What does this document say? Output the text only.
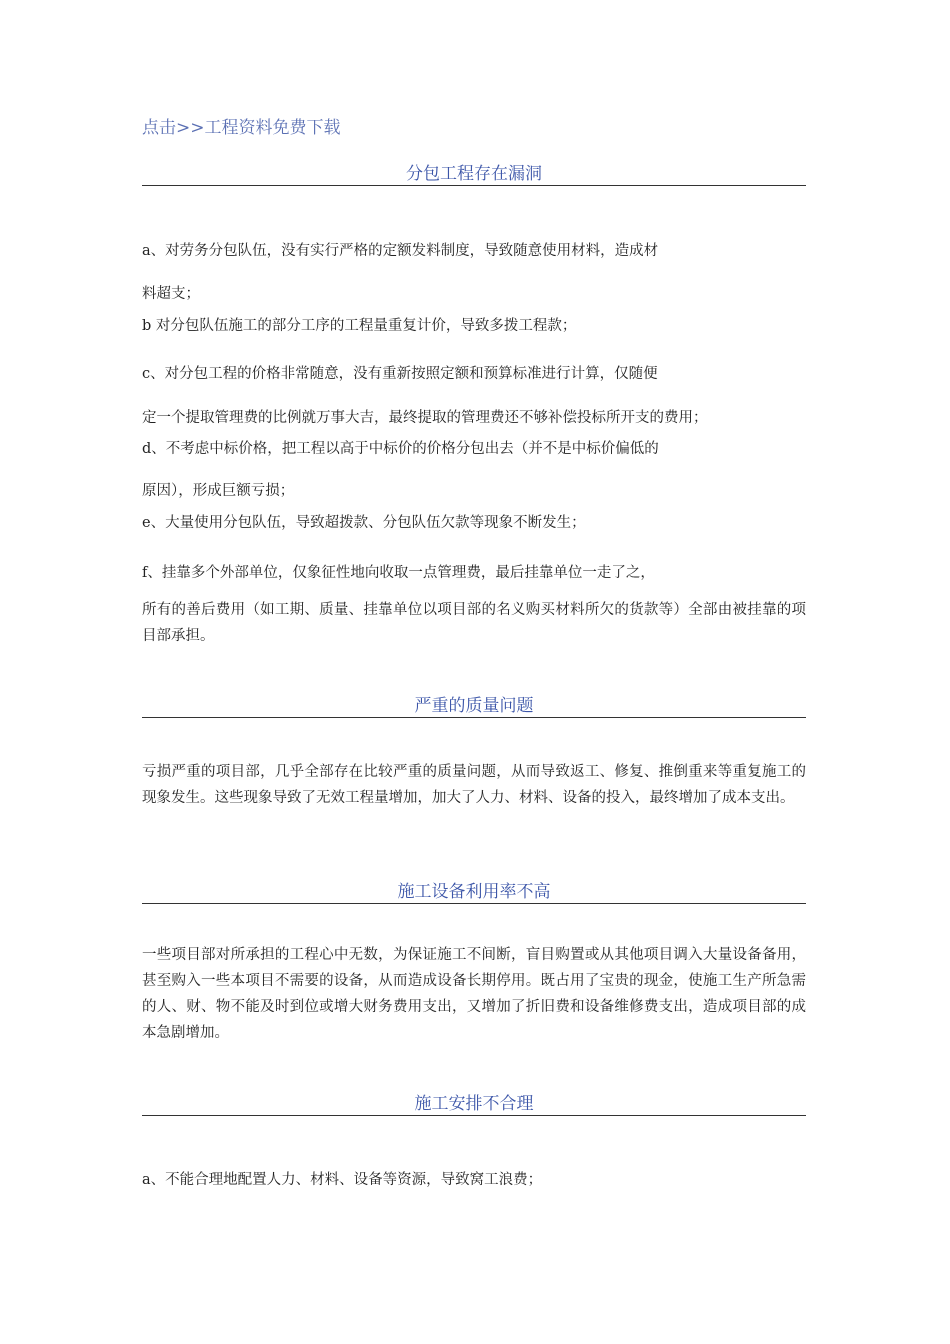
点击>>工程资料免费下载
分包工程存在漏洞
a、对劳务分包队伍，没有实行严格的定额发料制度，导致随意使用材料，造成材
料超支；
b 对分包队伍施工的部分工序的工程量重复计价，导致多拨工程款；
c、对分包工程的价格非常随意，没有重新按照定额和预算标准进行计算，仅随便
定一个提取管理费的比例就万事大吉，最终提取的管理费还不够补偿投标所开支的费用；
d、不考虑中标价格，把工程以高于中标价的价格分包出去（并不是中标价偏低的
原因），形成巨额亏损；
e、大量使用分包队伍，导致超拨款、分包队伍欠款等现象不断发生；
f、挂靠多个外部单位，仅象征性地向收取一点管理费，最后挂靠单位一走了之，
所有的善后费用（如工期、质量、挂靠单位以项目部的名义购买材料所欠的货款等）全部由被挂靠的项目部承担。
严重的质量问题
亏损严重的项目部，几乎全部存在比较严重的质量问题，从而导致返工、修复、推倒重来等重复施工的现象发生。这些现象导致了无效工程量增加，加大了人力、材料、设备的投入，最终增加了成本支出。
施工设备利用率不高
一些项目部对所承担的工程心中无数，为保证施工不间断，盲目购置或从其他项目调入大量设备备用，甚至购入一些本项目不需要的设备，从而造成设备长期停用。既占用了宝贵的现金，使施工生产所急需的人、财、物不能及时到位或增大财务费用支出，又增加了折旧费和设备维修费支出，造成项目部的成本急剧增加。
施工安排不合理
a、不能合理地配置人力、材料、设备等资源，导致窝工浪费；
